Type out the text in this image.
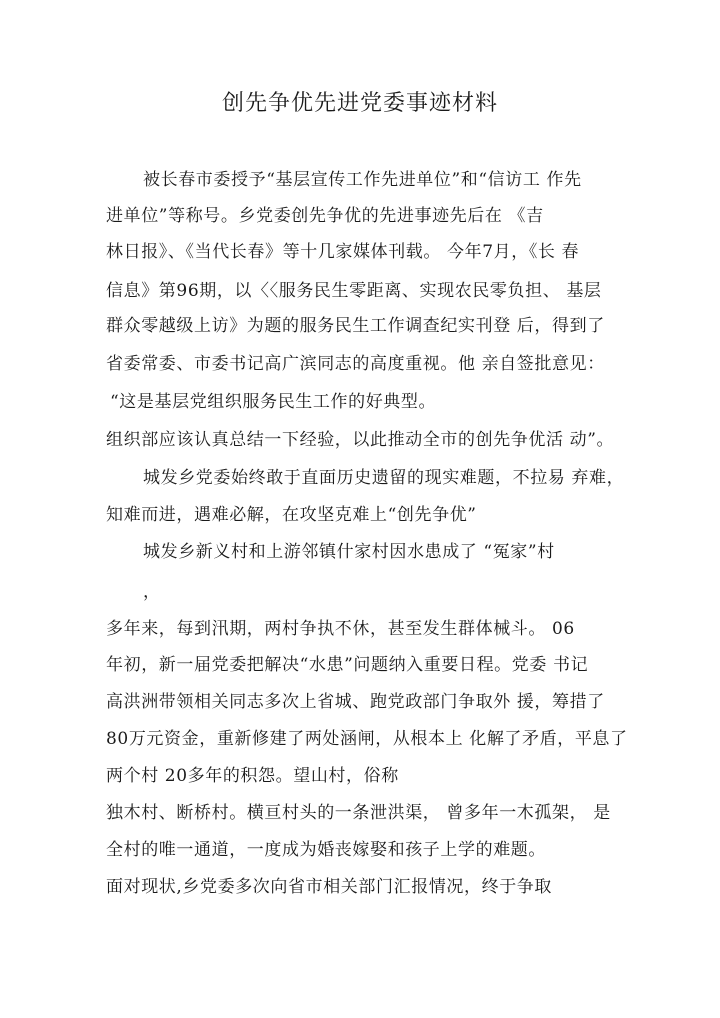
创先争优先进党委事迹材料

被长春市委授予“基层宣传工作先进单位”和“信访工 作先

进单位”等称号。乡党委创先争优的先进事迹先后在 《吉

林日报》、《当代长春》等十几家媒体刊载。 今年7月，《长 春

信息》第96期，以〈〈服务民生零距离、实现农民零负担、 基层

群众零越级上访》为题的服务民生工作调查纪实刊登 后，得到了

省委常委、市委书记高广滨同志的高度重视。他 亲自签批意见：

“这是基层党组织服务民生工作的好典型。

组织部应该认真总结一下经验，以此推动全市的创先争优活 动”。

城发乡党委始终敢于直面历史遗留的现实难题，不拉易 弃难，

知难而进，遇难必解，在攻坚克难上“创先争优”

城发乡新义村和上游邻镇什家村因水患成了 “冤家”村

，

多年来，每到汛期，两村争执不休，甚至发生群体械斗。 06

年初，新一届党委把解决“水患”问题纳入重要日程。党委 书记

高洪洲带领相关同志多次上省城、跑党政部门争取外 援，筹措了

80万元资金，重新修建了两处涵闸，从根本上 化解了矛盾，平息了

两个村 20多年的积怨。望山村，俗称

独木村、断桥村。横亘村头的一条泄洪渠， 曾多年一木孤架， 是

全村的唯一通道，一度成为婚丧嫁娶和孩子上学的难题。

面对现状,乡党委多次向省市相关部门汇报情况，终于争取
